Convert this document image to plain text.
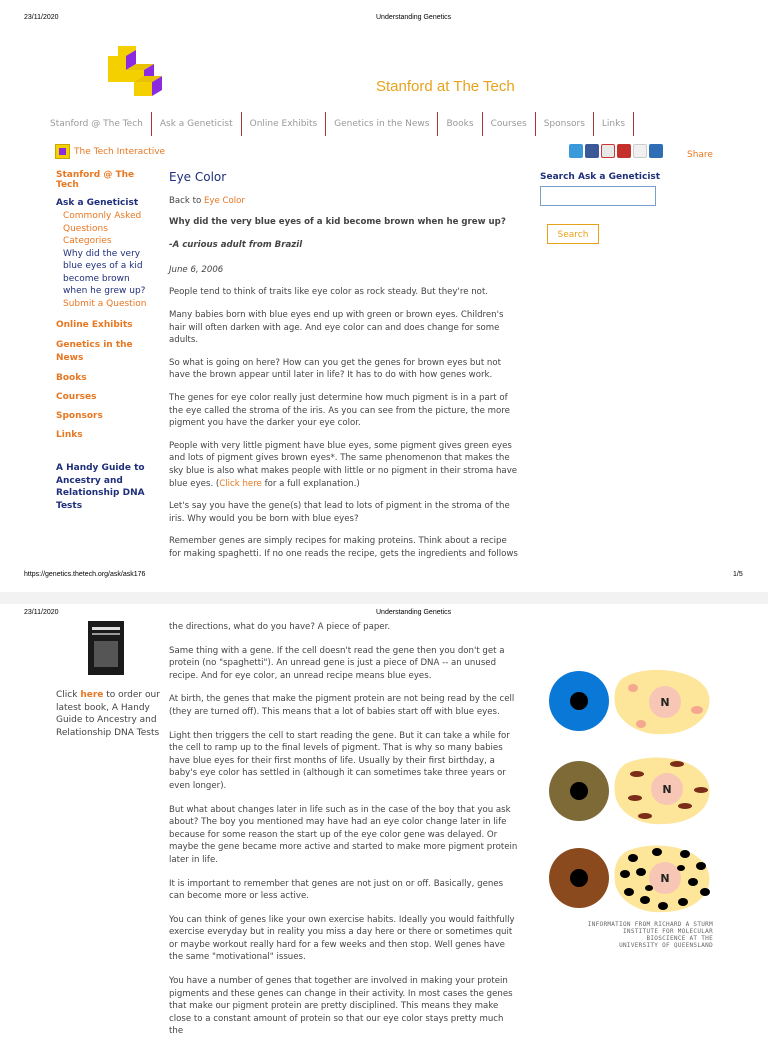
23/11/2020	Understanding Genetics
Stanford at The Tech
Stanford @ The Tech	Ask a Geneticist	Online Exhibits	Genetics in the News	Books	Courses	Sponsors	Links
The Tech Interactive	Share
Stanford @ The Tech
Ask a Geneticist
Commonly Asked Questions
Categories
Why did the very blue eyes of a kid become brown when he grew up?
Submit a Question
Online Exhibits
Genetics in the News
Books
Courses
Sponsors
Links
A Handy Guide to Ancestry and Relationship DNA Tests
Search Ask a Geneticist
Search
Eye Color

Back to Eye Color

Why did the very blue eyes of a kid become brown when he grew up?

-A curious adult from Brazil

June 6, 2006

People tend to think of traits like eye color as rock steady. But they're not.

Many babies born with blue eyes end up with green or brown eyes. Children's hair will often darken with age. And eye color can and does change for some adults.

So what is going on here? How can you get the genes for brown eyes but not have the brown appear until later in life? It has to do with how genes work.

The genes for eye color really just determine how much pigment is in a part of the eye called the stroma of the iris. As you can see from the picture, the more pigment you have the darker your eye color.

People with very little pigment have blue eyes, some pigment gives green eyes and lots of pigment gives brown eyes*. The same phenomenon that makes the sky blue is also what makes people with little or no pigment in their stroma have blue eyes. (Click here for a full explanation.)

Let's say you have the gene(s) that lead to lots of pigment in the stroma of the iris. Why would you be born with blue eyes?

Remember genes are simply recipes for making proteins. Think about a recipe for making spaghetti. If no one reads the recipe, gets the ingredients and follows

https://genetics.thetech.org/ask/ask176	1/5
23/11/2020	Understanding Genetics
Click here to order our latest book, A Handy Guide to Ancestry and Relationship DNA Tests

the directions, what do you have? A piece of paper.

Same thing with a gene. If the cell doesn't read the gene then you don't get a protein (no "spaghetti"). An unread gene is just a piece of DNA -- an unused recipe. And for eye color, an unread recipe means blue eyes.

At birth, the genes that make the pigment protein are not being read by the cell (they are turned off). This means that a lot of babies start off with blue eyes.

Light then triggers the cell to start reading the gene. But it can take a while for the cell to ramp up to the final levels of pigment. That is why so many babies have blue eyes for their first months of life. Usually by their first birthday, a baby's eye color has settled in (although it can sometimes take three years or even longer).

But what about changes later in life such as in the case of the boy that you ask about? The boy you mentioned may have had an eye color change later in life because for some reason the start up of the eye color gene was delayed. Or maybe the gene became more active and started to make more pigment protein later in life.

It is important to remember that genes are not just on or off. Basically, genes can become more or less active.

You can think of genes like your own exercise habits. Ideally you would faithfully exercise everyday but in reality you miss a day here or there or sometimes quit or maybe workout really hard for a few weeks and then stop. Well genes have the same "motivational" issues.

You have a number of genes that together are involved in making your protein pigments and these genes can change in their activity. In most cases the genes that make our pigment protein are pretty disciplined. This means they make close to a constant amount of protein so that our eye color stays pretty much the

N
N
N
INFORMATION FROM RICHARD A STURM
INSTITUTE FOR MOLECULAR
BIOSCIENCE AT THE
UNIVERSITY OF QUEENSLAND
